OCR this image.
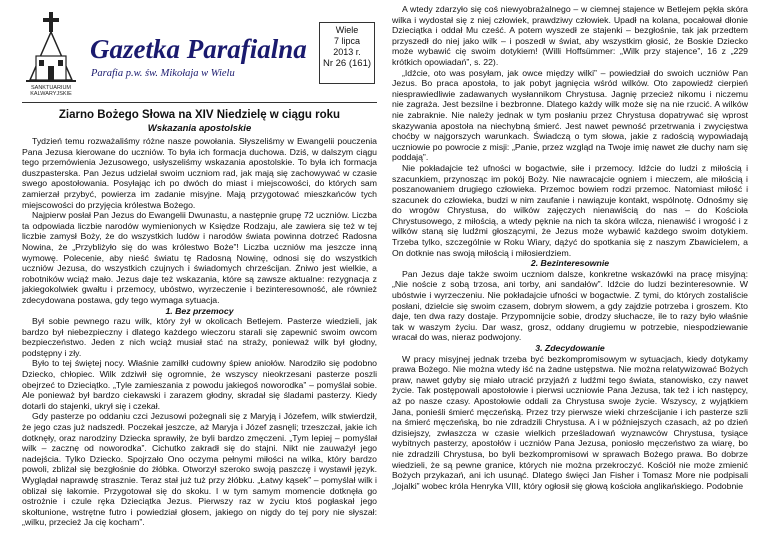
SANKTUARIUM
KALWARYJSKIE
Gazetka Parafialna
Parafia p.w. św. Mikołaja w Wielu
Wiele
7 lipca
2013 r.
Nr 26 (161)
Ziarno Bożego Słowa na XIV Niedzielę w ciągu roku
Wskazania apostolskie

Tydzień temu rozważaliśmy różne nasze powołania. Słyszeliśmy w Ewangelii pouczenia Pana Jezusa kierowane do uczniów. To była ich formacja duchowa. Dziś, w dalszym ciągu tego przemówienia Jezusowego, usłyszeliśmy wskazania apostolskie. To była ich formacja duszpasterska. Pan Jezus udzielał swoim uczniom rad, jak mają się zachowywać w czasie swego apostołowania. Posyłając ich po dwóch do miast i miejscowości, do których sam zamierzał przybyć, powierza im zadanie misyjne. Mają przygotować mieszkańców tych miejscowości do przyjęcia królestwa Bożego.

Najpierw posłał Pan Jezus do Ewangelii Dwunastu, a następnie grupę 72 uczniów. Liczba ta odpowiada liczbie narodów wymienionych w Księdze Rodzaju, ale zawiera się też w tej liczbie zamysł Boży, że do wszystkich ludów i narodów świata powinna dotrzeć Radosna Nowina, że „Przybliżyło się do was królestwo Boże”! Liczba uczniów ma jeszcze inną wymowę. Polecenie, aby nieść światu tę Radosną Nowinę, odnosi się do wszystkich uczniów Jezusa, do wszystkich czujnych i świadomych chrześcijan. Żniwo jest wielkie, a robotników wciąż mało. Jezus daje też wskazania, które są zawsze aktualne: rezygnacja z jakiegokolwiek gwałtu i przemocy, ubóstwo, wyrzeczenie i bezinteresowność, ale również zdecydowana postawa, gdy tego wymaga sytuacja.

1. Bez przemocy

Był sobie pewnego razu wilk, który żył w okolicach Betlejem. Pasterze wiedzieli, jak bardzo był niebezpieczny i dlatego każdego wieczoru starali się zapewnić swoim owcom bezpieczeństwo. Jeden z nich wciąż musiał stać na straży, ponieważ wilk był głodny, podstępny i zły.

Było to tej świętej nocy. Właśnie zamilkł cudowny śpiew aniołów. Narodziło się podobno Dziecko, chłopiec. Wilk zdziwił się ogromnie, że wszyscy nieokrzesani pasterze poszli obejrzeć to Dzieciątko. „Tyle zamieszania z powodu jakiegoś noworodka” – pomyślał sobie. Ale ponieważ był bardzo ciekawski i zarazem głodny, skradał się śladami pasterzy. Kiedy dotarli do stajenki, ukrył się i czekał.

Gdy pasterze po oddaniu czci Jezusowi pożegnali się z Maryją i Józefem, wilk stwierdził, że jego czas już nadszedł. Poczekał jeszcze, aż Maryja i Józef zasnęli; trzeszczał, jakie ich dotknęły, oraz narodziny Dziecka sprawiły, że byli bardzo zmęczeni. „Tym lepiej – pomyślał wilk – zacznę od noworodka”. Cichutko zakradł się do stajni. Nikt nie zauważył jego nadejścia. Tylko Dziecko. Spojrzało Ono oczyma pełnymi miłości na wilka, który bardzo powoli, zbliżał się bezgłośnie do żłóbka. Otworzył szeroko swoją paszczę i wystawił język. Wyglądał naprawdę strasznie. Teraz stał już tuż przy żłóbku. „Łatwy kąsek” – pomyślał wilk i oblizał się łakomie. Przygotował się do skoku. I w tym samym momencie dotknęła go ostrożnie i czule ręka Dzieciątka Jezus. Pierwszy raz w życiu ktoś pogłaskał jego skołtunione, wstrętne futro i powiedział głosem, jakiego on nigdy do tej pory nie słyszał: „wilku, przecież Ja cię kocham”.

A wtedy zdarzyło się coś niewyobrażalnego – w ciemnej stajence w Betlejem pękła skóra wilka i wydostał się z niej człowiek, prawdziwy człowiek. Upadł na kolana, pocałował dłonie Dzieciątka i oddał Mu cześć. A potem wyszedł ze stajenki – bezgłośnie, tak jak przedtem przyszedł do niej jako wilk – i poszedł w świat, aby wszystkim głosić, że Boskie Dziecko może wybawić cię swoim dotykiem! (Willi Hoffsümmer: „Wilk przy stajence”, 16 z „229 krótkich opowiadań”, s. 22).

„Idźcie, oto was posyłam, jak owce między wilki” – powiedział do swoich uczniów Pan Jezus. Bo praca apostoła, to jak pobyt jagnięcia wśród wilków. Oto zapowiedź cierpień niesprawiedliwie zadawanych wysłannikom Chrystusa. Jagnię przecież nikomu i niczemu nie zagraża. Jest bezsilne i bezbronne. Dlatego każdy wilk może się na nie rzucić. A wilków nie zabraknie. Nie należy jednak w tym posłaniu przez Chrystusa dopatrywać się wprost skazywania apostoła na niechybną śmierć. Jest nawet pewność przetrwania i zwycięstwa choćby w najgorszych warunkach. Świadczą o tym słowa, jakie z radością wypowiadają uczniowie po powrocie z misji: „Panie, przez wzgląd na Twoje imię nawet złe duchy nam się poddają”.

Nie pokładajcie też ufności w bogactwie, siłe i przemocy. Idźcie do ludzi z miłością i szacunkiem, przynosząc im pokój Boży. Nie nawracajcie ogniem i mieczem, ale miłością i poszanowaniem drugiego człowieka. Przemoc bowiem rodzi przemoc. Natomiast miłość i szacunek do człowieka, budzi w nim zaufanie i nawiązuje kontakt, wspólnotę. Odnośmy się do wrogów Chrystusa, do wilków zajęczych nienawiścią do nas – do Kościoła Chrystusowego, z miłością, a wtedy pęknie na nich ta skóra wilcza, nienawiść i wrogość i z wilków staną się ludźmi głoszącymi, że Jezus może wybawić każdego swoim dotykiem. Trzeba tylko, szczególnie w Roku Wiary, dążyć do spotkania się z naszym Zbawicielem, a On dotknie nas swoją miłością i miłosierdziem.

2. Bezinteresownie

Pan Jezus daje także swoim uczniom dalsze, konkretne wskazówki na pracę misyjną: „Nie noście z sobą trzosa, ani torby, ani sandałów”. Idźcie do ludzi bezinteresownie. W ubóstwie i wyrzeczeniu. Nie pokładajcie ufności w bogactwie. Z tymi, do których zostaliście posłani, dzielcie się swoim czasem, dobrym słowem, a gdy zajdzie potrzeba i groszem. Kto daje, ten dwa razy dostaje. Przypomnijcie sobie, drodzy słuchacze, ile to razy było właśnie tak w waszym życiu. Dar wasz, grosz, oddany drugiemu w potrzebie, niespodziewanie wracał do was, nieraz podwojony.

3. Zdecydowanie

W pracy misyjnej jednak trzeba być bezkompromisowym w sytuacjach, kiedy dotykamy prawa Bożego. Nie można wtedy iść na żadne ustępstwa. Nie można relatywizować Bożych praw, nawet gdyby się miało utracić przyjaźń z ludźmi tego świata, stanowisko, czy nawet życie. Tak postępowali apostołowie i pierwsi uczniowie Pana Jezusa, tak też i ich następcy, aż po nasze czasy. Apostołowie oddali za Chrystusa swoje życie. Wszyscy, z wyjątkiem Jana, ponieśli śmierć męczeńską. Przez trzy pierwsze wieki chrześcijanie i ich pasterze szli na śmierć męczeńską, bo nie zdradzili Chrystusa. A i w późniejszych czasach, aż po dzień dzisiejszy, zwłaszcza w czasie wielkich prześladowań wyznawców Chrystusa, tysiące wybitnych pasterzy, apostołów i uczniów Pana Jezusa, poniosło męczeństwo za wiarę, bo nie zdradzili Chrystusa, bo byli bezkompromisowi w sprawach Bożego prawa. Bo dobrze wiedzieli, że są pewne granice, których nie można przekroczyć. Kościół nie może zmienić Bożych przykazań, ani ich usunąć. Dlatego święci Jan Fisher i Tomasz More nie podpisali „lojalki” wobec króla Henryka VIII, który ogłosił się głową kościoła anglikańskiego. Podobnie
